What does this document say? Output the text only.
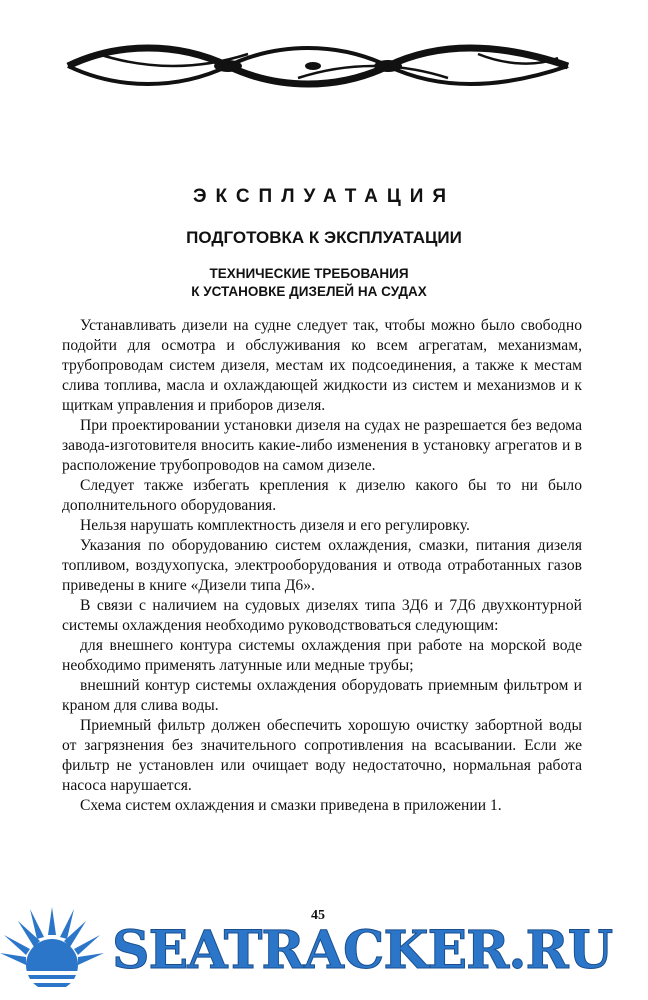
ЭКСПЛУАТАЦИЯ
ПОДГОТОВКА К ЭКСПЛУАТАЦИИ
ТЕХНИЧЕСКИЕ ТРЕБОВАНИЯ
К УСТАНОВКЕ ДИЗЕЛЕЙ НА СУДАХ

Устанавливать дизели на судне следует так, чтобы можно было свободно подойти для осмотра и обслуживания ко всем агрегатам, механизмам, трубопроводам систем дизеля, местам их подсоединения, а также к местам слива топлива, масла и охлаждающей жидкости из систем и механизмов и к щиткам управления и приборов дизеля.

При проектировании установки дизеля на судах не разрешается без ведома завода-изготовителя вносить какие-либо изменения в установку агрегатов и в расположение трубопроводов на самом дизеле.

Следует также избегать крепления к дизелю какого бы то ни было дополнительного оборудования.

Нельзя нарушать комплектность дизеля и его регулировку.

Указания по оборудованию систем охлаждения, смазки, питания дизеля топливом, воздухопуска, электрооборудования и отвода отработанных газов приведены в книге «Дизели типа Д6».

В связи с наличием на судовых дизелях типа 3Д6 и 7Д6 двухконтурной системы охлаждения необходимо руководствоваться следующим:

для внешнего контура системы охлаждения при работе на морской воде необходимо применять латунные или медные трубы;

внешний контур системы охлаждения оборудовать приемным фильтром и краном для слива воды.

Приемный фильтр должен обеспечить хорошую очистку забортной воды от загрязнения без значительного сопротивления на всасывании. Если же фильтр не установлен или очищает воду недостаточно, нормальная работа насоса нарушается.

Схема систем охлаждения и смазки приведена в приложении 1.

45
SEATRACKER.RU
